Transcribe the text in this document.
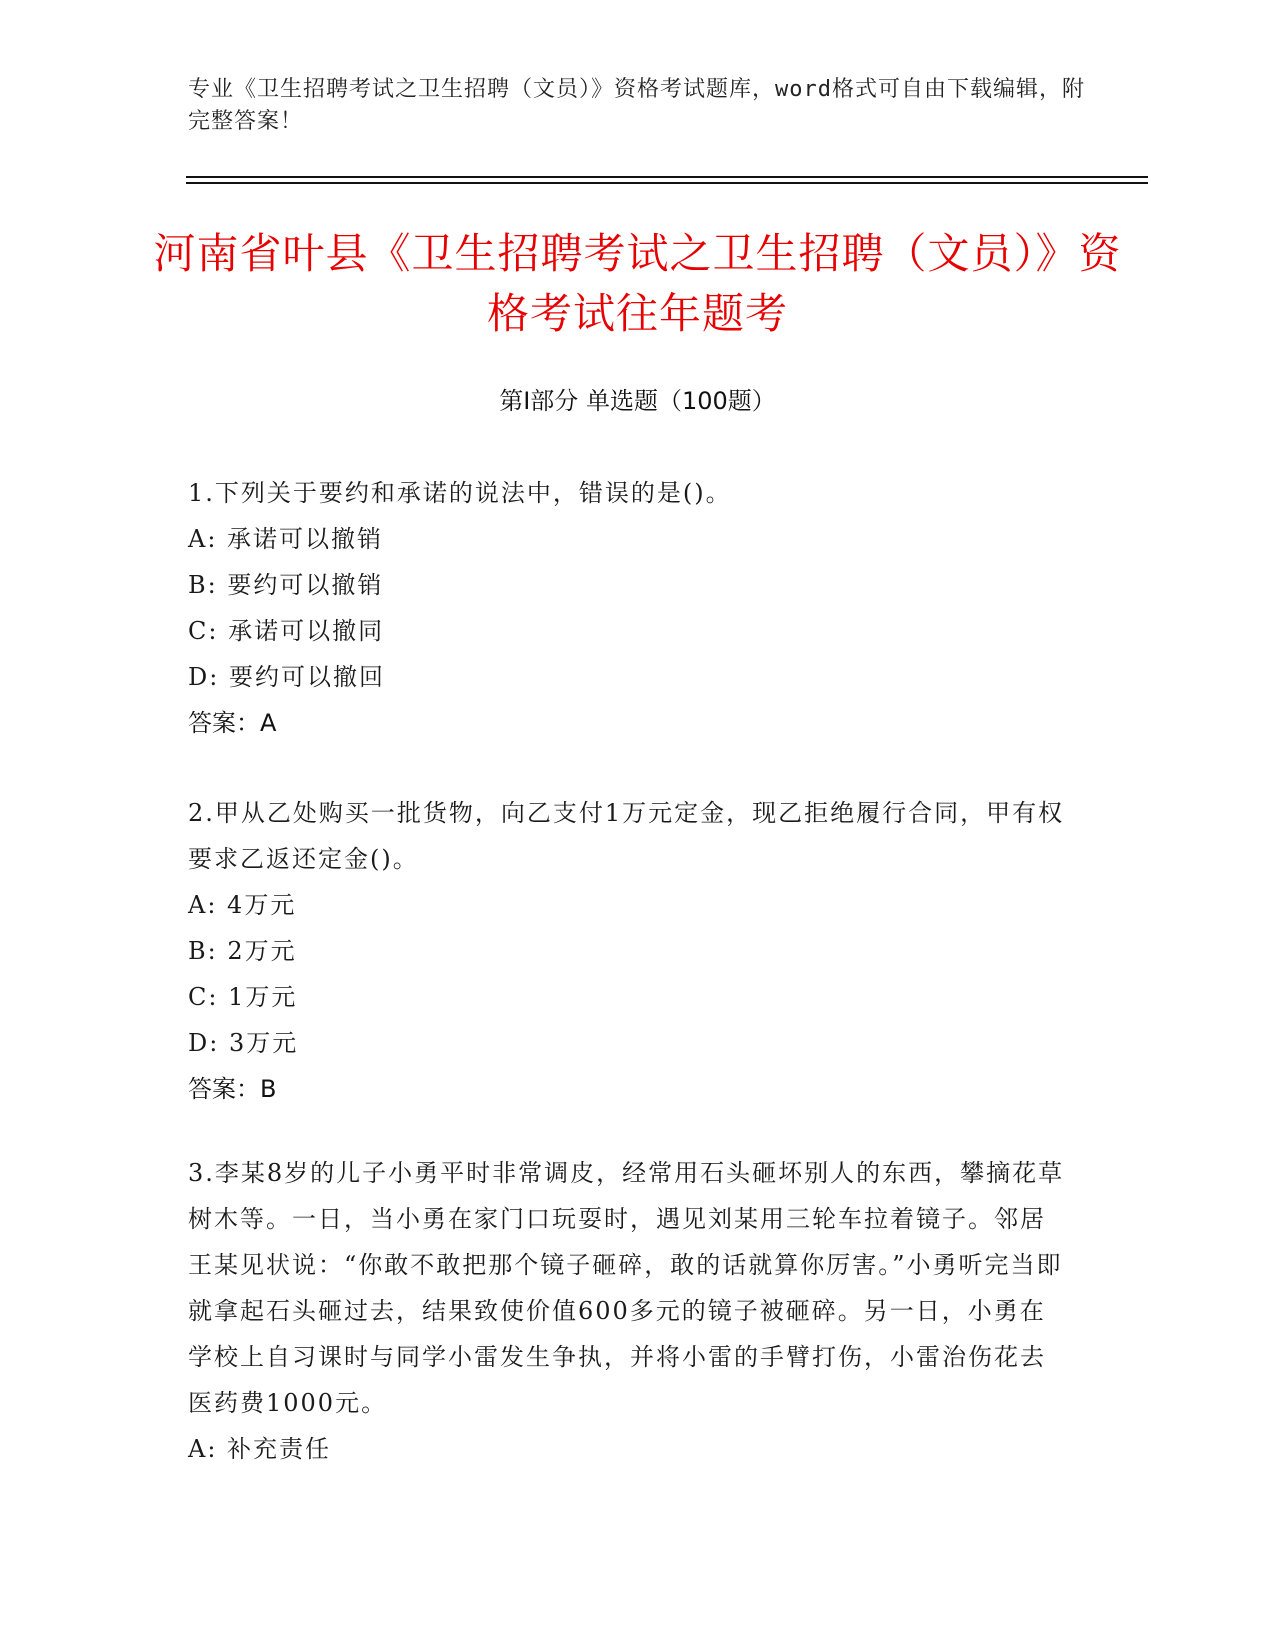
专业《卫生招聘考试之卫生招聘（文员）》资格考试题库，word格式可自由下载编辑，附完整答案！
河南省叶县《卫生招聘考试之卫生招聘（文员）》资格考试往年题考
第Ⅰ部分 单选题（100题）
1.下列关于要约和承诺的说法中，错误的是()。
A: 承诺可以撤销
B: 要约可以撤销
C: 承诺可以撤同
D: 要约可以撤回
答案：A
2.甲从乙处购买一批货物，向乙支付1万元定金，现乙拒绝履行合同，甲有权要求乙返还定金()。
A: 4万元
B: 2万元
C: 1万元
D: 3万元
答案：B
3.李某8岁的儿子小勇平时非常调皮，经常用石头砸坏别人的东西，攀摘花草树木等。一日，当小勇在家门口玩耍时，遇见刘某用三轮车拉着镜子。邻居王某见状说：“你敢不敢把那个镜子砸碎，敢的话就算你厉害。”小勇听完当即就拿起石头砸过去，结果致使价值600多元的镜子被砸碎。另一日，小勇在学校上自习课时与同学小雷发生争执，并将小雷的手臂打伤，小雷治伤花去医药费1000元。
A: 补充责任
